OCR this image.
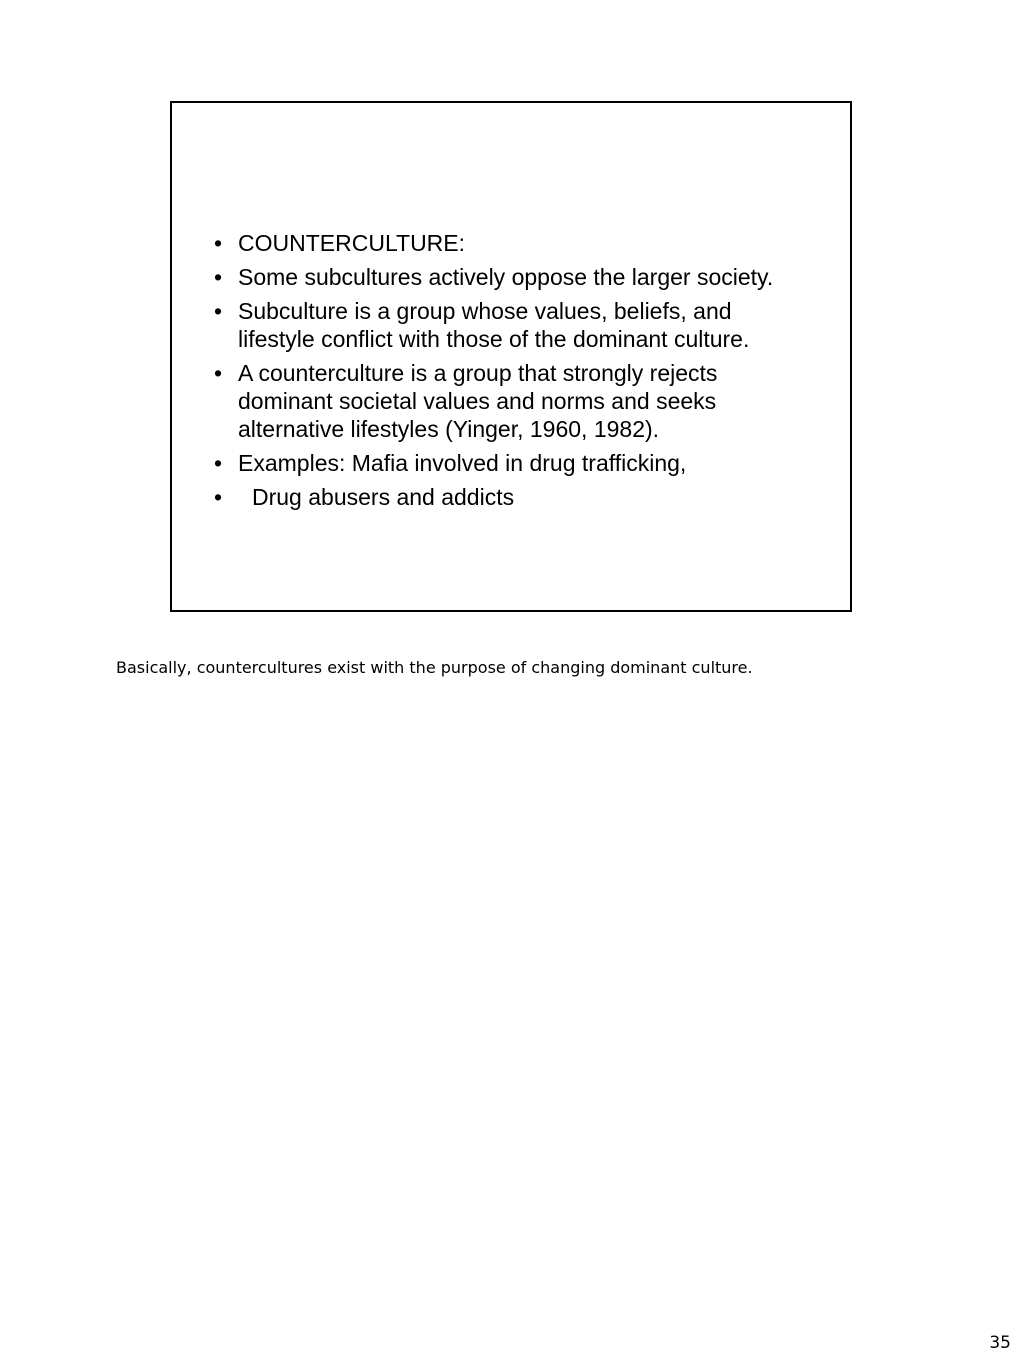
• COUNTERCULTURE:
• Some subcultures actively oppose the larger society.
• Subculture is a group whose values, beliefs, and lifestyle conflict with those of the dominant culture.
• A counterculture is a group that strongly rejects dominant societal values and norms and seeks alternative lifestyles (Yinger, 1960, 1982).
• Examples: Mafia involved in drug trafficking,
• Drug abusers and addicts
Basically, countercultures exist with the purpose of changing dominant culture.
35
